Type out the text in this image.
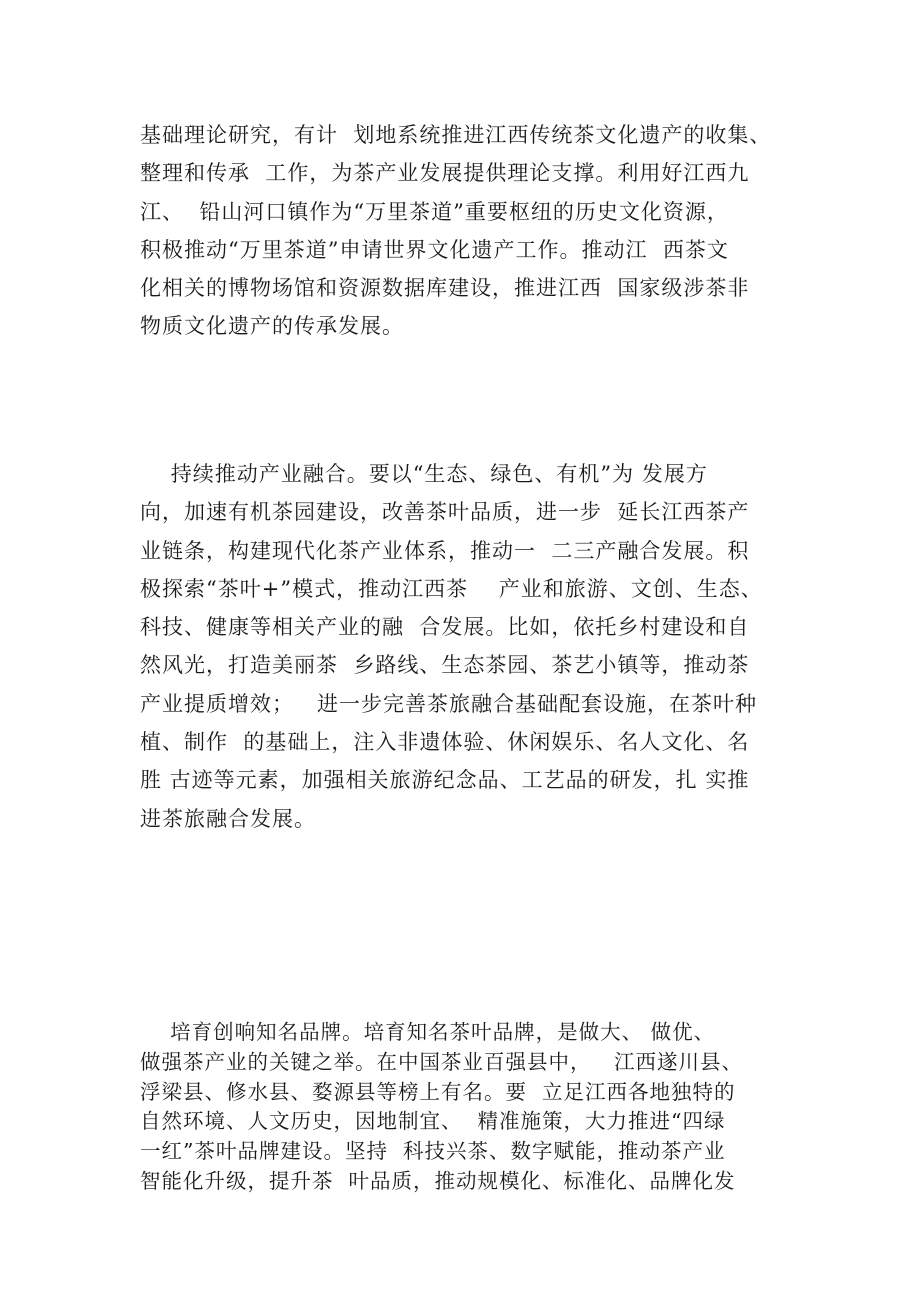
基础理论研究，有计  划地系统推进江西传统茶文化遗产的收集、
整理和传承  工作，为茶产业发展提供理论支撑。利用好江西九
江、  铅山河口镇作为“万里茶道”重要枢纽的历史文化资源，
积极推动“万里茶道”申请世界文化遗产工作。推动江  西茶文
化相关的博物场馆和资源数据库建设，推进江西  国家级涉茶非
物质文化遗产的传承发展。

持续推动产业融合。要以“生态、绿色、有机”为 发展方
向，加速有机茶园建设，改善茶叶品质，进一步  延长江西茶产
业链条，构建现代化茶产业体系，推动一  二三产融合发展。积
极探索“茶叶+”模式，推动江西茶    产业和旅游、文创、生态、
科技、健康等相关产业的融  合发展。比如，依托乡村建设和自
然风光，打造美丽茶  乡路线、生态茶园、茶艺小镇等，推动茶
产业提质增效；   进一步完善茶旅融合基础配套设施，在茶叶种
植、制作  的基础上，注入非遗体验、休闲娱乐、名人文化、名
胜 古迹等元素，加强相关旅游纪念品、工艺品的研发，扎 实推
进茶旅融合发展。

培育创响知名品牌。培育知名茶叶品牌，是做大、 做优、
做强茶产业的关键之举。在中国茶业百强县中，   江西遂川县、
浮梁县、修水县、婺源县等榜上有名。要  立足江西各地独特的
自然环境、人文历史，因地制宜、  精准施策，大力推进“四绿
一红”茶叶品牌建设。坚持  科技兴茶、数字赋能，推动茶产业
智能化升级，提升茶  叶品质，推动规模化、标准化、品牌化发
